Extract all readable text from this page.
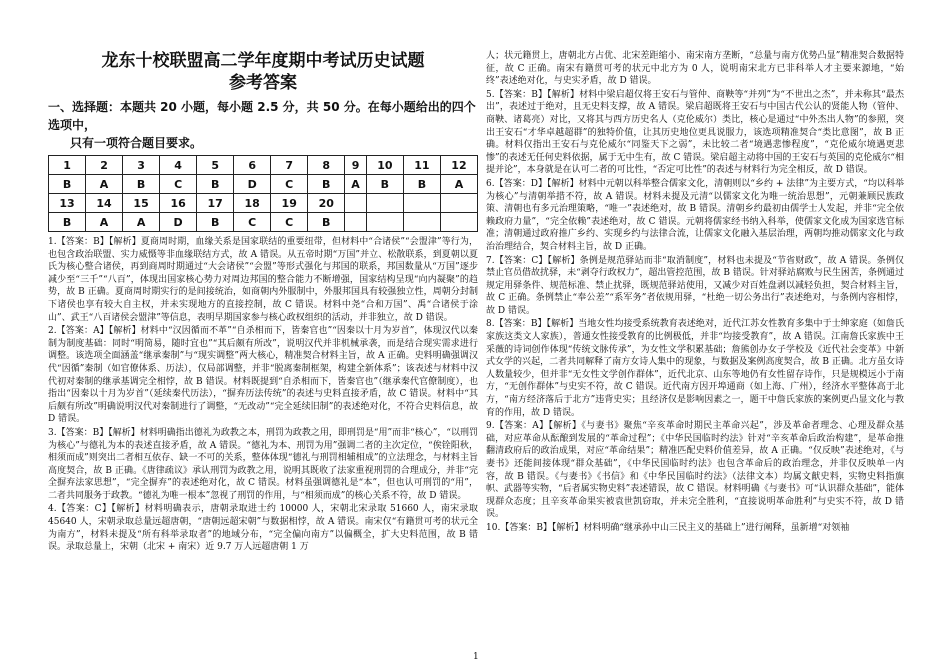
龙东十校联盟高二学年度期中考试历史试题
参考答案
一、选择题：本题共 20 小题，每小题 2.5 分，共 50 分。在每小题给出的四个选项中，
只有一项符合题目要求。
1	2	3	4	5	6	7	8	9	10	11	12
B	A	B	C	B	D	C	B	A	B	B	A
13	14	15	16	17	18	19	20				
B	A	A	D	B	C	C	B				

1.【答案：B】【解析】夏商周时期，血缘关系是国家联结的重要纽带，但材料中“合诸侯”“会盟津”等行为，也包含政治联盟、实力威慑等非血缘联结方式，故 A 错误。从五帝时期“万国”并立、松散联系，到夏朝以夏氏为核心整合诸侯，再到商周时期通过“大会诸侯”“会盟”等形式强化与邦国的联系，邦国数量从“万国”逐步减少至“三千”“八百”，体现出国家核心势力对周边邦国的整合能力不断增强，国家结构呈现“向内凝聚”的趋势，故 B 正确。夏商周时期实行的是间接统治，如商朝内外服制中，外服邦国具有较强独立性，周朝分封制下诸侯也享有较大自主权，并未实现地方的直接控制，故 C 错误。材料中尧“合和万国”、禹“合诸侯于涂山”、武王“八百诸侯会盟津”等信息，表明早期国家参与核心政权组织的活动，并非独立，故 D 错误。

2.【答案：A】【解析】材料中“汉因循而不革”“自杀相而下，皆秦官也”“因秦以十月为岁首”，体现汉代以秦制为制度基础：同时“明简易，随时宜也”“其后颇有所改”，说明汉代并非机械承袭，而是结合现实需求进行调整。该选项全面涵盖“继承秦制”与“现实调整”两大核心，精准契合材料主旨，故 A 正确。史料明确强调汉代“因循”秦制（如官僚体系、历法），仅局部调整，并非“脱离秦制框架，构建全新体系”；该表述与材料中汉代初对秦制的继承基调完全相悖，故 B 错误。材料既提到“自杀相而下，皆秦官也”（继承秦代官僚制度），也指出“因秦以十月为岁首”（延续秦代历法），“摒弃历法传统”的表述与史料直接矛盾，故 C 错误。材料中“其后颇有所改”明确说明汉代对秦制进行了调整，“无改动”“完全延续旧制”的表述绝对化，不符合史料信息，故 D 错误。

3.【答案：B】【解析】材料明确指出德礼为政教之本，刑罚为政教之用，即刑罚是“用”而非“核心”，“以刑罚为核心”与德礼为本的表述直接矛盾，故 A 错误。“德礼为本、刑罚为用”强调二者的主次定位，“俟铨阳秋，相须而成”则突出二者相互依存、缺一不可的关系，整体体现“德礼与刑罚相辅相成”的立法理念，与材料主旨高度契合，故 B 正确。《唐律疏议》承认刑罚为政教之用，说明其既收了法家重视刑罚的合理成分，并非“完全摒弃法家思想”，“完全摒弃”的表述绝对化，故 C 错误。材料虽强调德礼是“本”，但也认可刑罚的“用”，二者共同服务于政教。“德礼为唯一根本”忽视了刑罚的作用，与“相须而成”的核心关系不符，故 D 错误。

4.【答案：C】【解析】材料明确表示，唐朝录取进士约 10000 人，宋朝北宋录取 51660 人，南宋录取 45640 人，宋朝录取总量远超唐朝，“唐朝远超宋朝”与数据相悖，故 A 错误。南宋仅“有籍贯可考的状元全为南方”，材料未提及“所有科举录取者”的地域分布，“完全偏向南方”以偏概全，扩大史料范围，故 B 错误。录取总量上，宋朝（北宋 + 南宋）近 9.7 万人远超唐朝 1 万

人；状元籍贯上，唐朝北方占优、北宋差距缩小、南宋南方垄断，“总量与南方优势凸显”精准契合数据特征，故 C 正确。南宋有籍贯可考的状元中北方为 0 人，说明南宋北方已非科举人才主要来源地，“始终”表述绝对化，与史实矛盾，故 D 错误。

5.【答案：B】【解析】材料中梁启超仅将王安石与管仲、商鞅等“并列”为“不世出之杰”，并未称其“最杰出”，表述过于绝对，且无史料支撑，故 A 错误。梁启超既将王安石与中国古代公认的贤能人物（管仲、商鞅、诸葛亮）对比，又将其与西方历史名人（克伦威尔）类比，核心是通过“中外杰出人物”的参照，突出王安石“才华卓越超群”的独特价值，让其历史地位更具说服力，该选项精准契合“类比意图”，故 B 正确。材料仅指出王安石与克伦威尔“同鉴天下之弱”，未比较二者“境遇悲惨程度”，“克伦威尔境遇更悲惨”的表述无任何史料依据，属于无中生有，故 C 错误。梁启超主动将中国的王安石与英国的克伦威尔“相提并论”，本身就是在认可二者的可比性，“否定可比性”的表述与材料行为完全相反，故 D 错误。

6.【答案：D】【解析】材料中元朝以科举整合儒家文化，清朝则以“乡约 + 法律”为主要方式，“均以科举为核心”与清朝举措不符，故 A 错误。材料未提及元清“以儒家文化为唯一统治思想”，元朝兼顾民族政策、清朝也有多元治理策略，“唯一”表述绝对，故 B 错误。清朝乡约最初由儒学士人发起，并非“完全依赖政府力量”，“完全依赖”表述绝对，故 C 错误。元朝将儒家经书纳入科举，使儒家文化成为国家选官标准；清朝通过政府推广乡约、实现乡约与法律合流，让儒家文化融入基层治理，两朝均推动儒家文化与政治治理结合，契合材料主旨，故 D 正确。

7.【答案：C】【解析】条例是规范驿站而非“取消制度”，材料也未提及“节省财政”，故 A 错误。条例仅禁止官员借故扰驿，未“剥夺行政权力”，超出管控范围，故 B 错误。针对驿站腐败与民生困苦，条例通过规定用驿条件、规范标准、禁止扰驿，既规范驿站使用，又减少对百姓盘剥以减轻负担，契合材料主旨，故 C 正确。条例禁止“奉公差”“系军务”者依规用驿，“杜绝一切公务出行”表述绝对，与条例内容相悖，故 D 错误。

8.【答案：B】【解析】当地女性均接受系统教育表述绝对，近代江苏女性教育多集中于士绅家庭（如詹氏家族这类文人家族），普通女性接受教育的比例极低，并非“均接受教育”，故 A 错误。江南詹氏家族中王采薇的诗词创作体现“传统文脉传承”，为女性文学积累基础；詹熊创办女子学校及《近代社会变革》中新式女学的兴起，二者共同解释了南方女诗人集中的现象，与数据及案例高度契合，故 B 正确。北方虽女诗人数量较少，但并非“无女性文学创作群体”，近代北京、山东等地仍有女性留存诗作，只是规模远小于南方，“无创作群体”与史实不符，故 C 错误。近代南方因开埠通商（如上海、广州），经济水平整体高于北方，“南方经济落后于北方”违背史实；且经济仅是影响因素之一，题干中詹氏家族的案例更凸显文化与教育的作用，故 D 错误。

9.【答案：A】【解析】《与妻书》聚焦“辛亥革命时期民主革命兴起”，涉及革命者理念、心理及群众基础，对应革命从酝酿到发展的“革命过程”；《中华民国临时约法》针对“辛亥革命后政治构建”，是革命推翻清政府后的政治成果，对应“革命结果”；精准匹配史料价值差异，故 A 正确。“仅反映”表述绝对，《与妻书》还能间接体现“群众基础”，《中华民国临时约法》也包含革命后的政治理念，并非仅反映单一内容，故 B 错误。《与妻书》《书信》和《中华民国临时约法》（法律文本）均属文献史料，实物史料指旗帜、武器等实物，“后者属实物史料”表述错误，故 C 错误。材料明确《与妻书》可“认识群众基础”，能体现群众态度；且辛亥革命果实被袁世凯窃取，并未完全胜利，“直接说明革命胜利”与史实不符，故 D 错误。

10.【答案：B】【解析】材料明确“继承孙中山三民主义的基础上”进行阐释，虽新增“对领袖

1
